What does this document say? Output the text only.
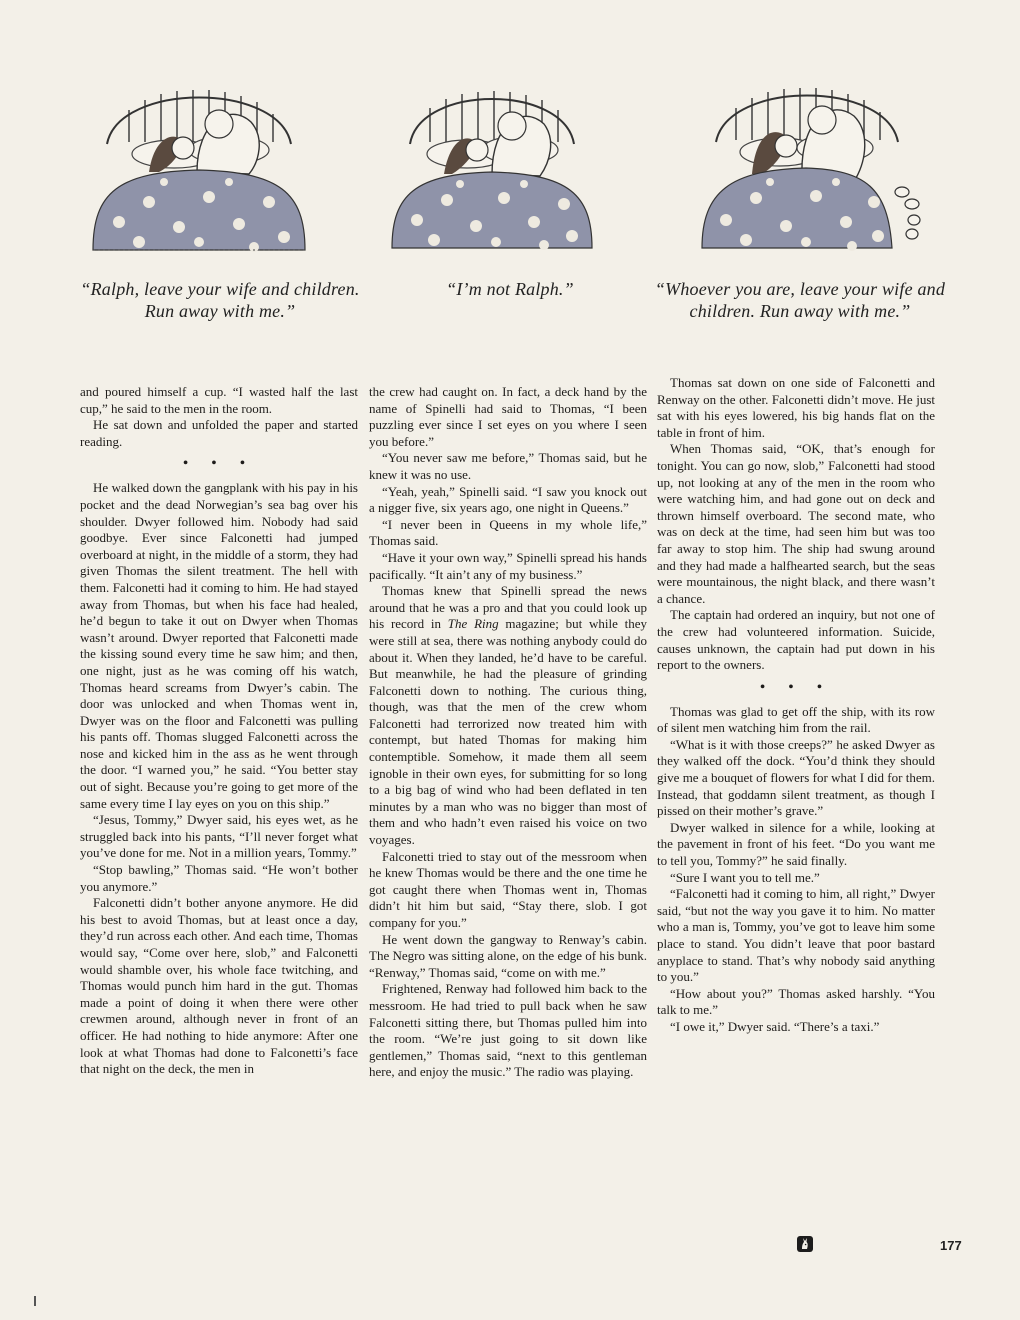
“Ralph, leave your wife and children. Run away with me.”
“I’m not Ralph.”	“Whoever you are, leave your wife and children. Run away with me.”

and poured himself a cup. “I wasted half the last cup,” he said to the men in the room.

He sat down and unfolded the paper and started reading.

• • •

He walked down the gangplank with his pay in his pocket and the dead Norwegian’s sea bag over his shoulder. Dwyer followed him. Nobody had said goodbye. Ever since Falconetti had jumped overboard at night, in the middle of a storm, they had given Thomas the silent treatment. The hell with them. Falconetti had it coming to him. He had stayed away from Thomas, but when his face had healed, he’d begun to take it out on Dwyer when Thomas wasn’t around. Dwyer reported that Falconetti made the kissing sound every time he saw him; and then, one night, just as he was coming off his watch, Thomas heard screams from Dwyer’s cabin. The door was unlocked and when Thomas went in, Dwyer was on the floor and Falconetti was pulling his pants off. Thomas slugged Falconetti across the nose and kicked him in the ass as he went through the door. “I warned you,” he said. “You better stay out of sight. Because you’re going to get more of the same every time I lay eyes on you on this ship.”

“Jesus, Tommy,” Dwyer said, his eyes wet, as he struggled back into his pants, “I’ll never forget what you’ve done for me. Not in a million years, Tommy.”

“Stop bawling,” Thomas said. “He won’t bother you anymore.”

Falconetti didn’t bother anyone anymore. He did his best to avoid Thomas, but at least once a day, they’d run across each other. And each time, Thomas would say, “Come over here, slob,” and Falconetti would shamble over, his whole face twitching, and Thomas would punch him hard in the gut. Thomas made a point of doing it when there were other crewmen around, although never in front of an officer. He had nothing to hide anymore: After one look at what Thomas had done to Falconetti’s face that night on the deck, the men in

the crew had caught on. In fact, a deck hand by the name of Spinelli had said to Thomas, “I been puzzling ever since I set eyes on you where I seen you before.”

“You never saw me before,” Thomas said, but he knew it was no use.

“Yeah, yeah,” Spinelli said. “I saw you knock out a nigger five, six years ago, one night in Queens.”

“I never been in Queens in my whole life,” Thomas said.

“Have it your own way,” Spinelli spread his hands pacifically. “It ain’t any of my business.”

Thomas knew that Spinelli spread the news around that he was a pro and that you could look up his record in The Ring magazine; but while they were still at sea, there was nothing anybody could do about it. When they landed, he’d have to be careful. But meanwhile, he had the pleasure of grinding Falconetti down to nothing. The curious thing, though, was that the men of the crew whom Falconetti had terrorized now treated him with contempt, but hated Thomas for making him contemptible. Somehow, it made them all seem ignoble in their own eyes, for submitting for so long to a big bag of wind who had been deflated in ten minutes by a man who was no bigger than most of them and who hadn’t even raised his voice on two voyages.

Falconetti tried to stay out of the messroom when he knew Thomas would be there and the one time he got caught there when Thomas went in, Thomas didn’t hit him but said, “Stay there, slob. I got company for you.”

He went down the gangway to Renway’s cabin. The Negro was sitting alone, on the edge of his bunk. “Renway,” Thomas said, “come on with me.”

Frightened, Renway had followed him back to the messroom. He had tried to pull back when he saw Falconetti sitting there, but Thomas pulled him into the room. “We’re just going to sit down like gentlemen,” Thomas said, “next to this gentleman here, and enjoy the music.” The radio was playing.

Thomas sat down on one side of Falconetti and Renway on the other. Falconetti didn’t move. He just sat with his eyes lowered, his big hands flat on the table in front of him.

When Thomas said, “OK, that’s enough for tonight. You can go now, slob,” Falconetti had stood up, not looking at any of the men in the room who were watching him, and had gone out on deck and thrown himself overboard. The second mate, who was on deck at the time, had seen him but was too far away to stop him. The ship had swung around and they had made a halfhearted search, but the seas were mountainous, the night black, and there wasn’t a chance.

The captain had ordered an inquiry, but not one of the crew had volunteered information. Suicide, causes unknown, the captain had put down in his report to the owners.

• • •

Thomas was glad to get off the ship, with its row of silent men watching him from the rail.

“What is it with those creeps?” he asked Dwyer as they walked off the dock. “You’d think they should give me a bouquet of flowers for what I did for them. Instead, that goddamn silent treatment, as though I pissed on their mother’s grave.”

Dwyer walked in silence for a while, looking at the pavement in front of his feet. “Do you want me to tell you, Tommy?” he said finally.

“Sure I want you to tell me.”

“Falconetti had it coming to him, all right,” Dwyer said, “but not the way you gave it to him. No matter who a man is, Tommy, you’ve got to leave him some place to stand. You didn’t leave that poor bastard anyplace to stand. That’s why nobody said anything to you.”

“How about you?” Thomas asked harshly. “You talk to me.”

“I owe it,” Dwyer said. “There’s a taxi.”

177
